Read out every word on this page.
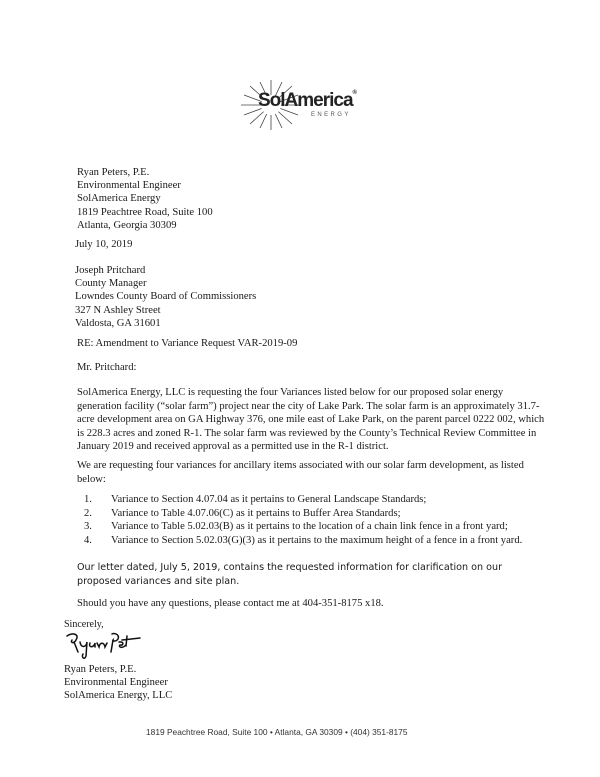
SolAmerica®
ENERGY
Ryan Peters, P.E.
Environmental Engineer
SolAmerica Energy
1819 Peachtree Road, Suite 100
Atlanta, Georgia 30309
July 10, 2019
Joseph Pritchard
County Manager
Lowndes County Board of Commissioners
327 N Ashley Street
Valdosta, GA 31601
RE: Amendment to Variance Request VAR-2019-09
Mr. Pritchard:
SolAmerica Energy, LLC is requesting the four Variances listed below for our proposed solar energy generation facility (“solar farm”) project near the city of Lake Park. The solar farm is an approximately 31.7-acre development area on GA Highway 376, one mile east of Lake Park, on the parent parcel 0222 002, which is 228.3 acres and zoned R-1. The solar farm was reviewed by the County’s Technical Review Committee in January 2019 and received approval as a permitted use in the R-1 district.
We are requesting four variances for ancillary items associated with our solar farm development, as listed below:
1.	Variance to Section 4.07.04 as it pertains to General Landscape Standards;
2.	Variance to Table 4.07.06(C) as it pertains to Buffer Area Standards;
3.	Variance to Table 5.02.03(B) as it pertains to the location of a chain link fence in a front yard;
4.	Variance to Section 5.02.03(G)(3) as it pertains to the maximum height of a fence in a front yard.
Our letter dated, July 5, 2019, contains the requested information for clarification on our proposed variances and site plan.
Should you have any questions, please contact me at 404-351-8175 x18.
Sincerely,
Ryan Peters, P.E.
Environmental Engineer
SolAmerica Energy, LLC
1819 Peachtree Road, Suite 100 • Atlanta, GA 30309 • (404) 351-8175
